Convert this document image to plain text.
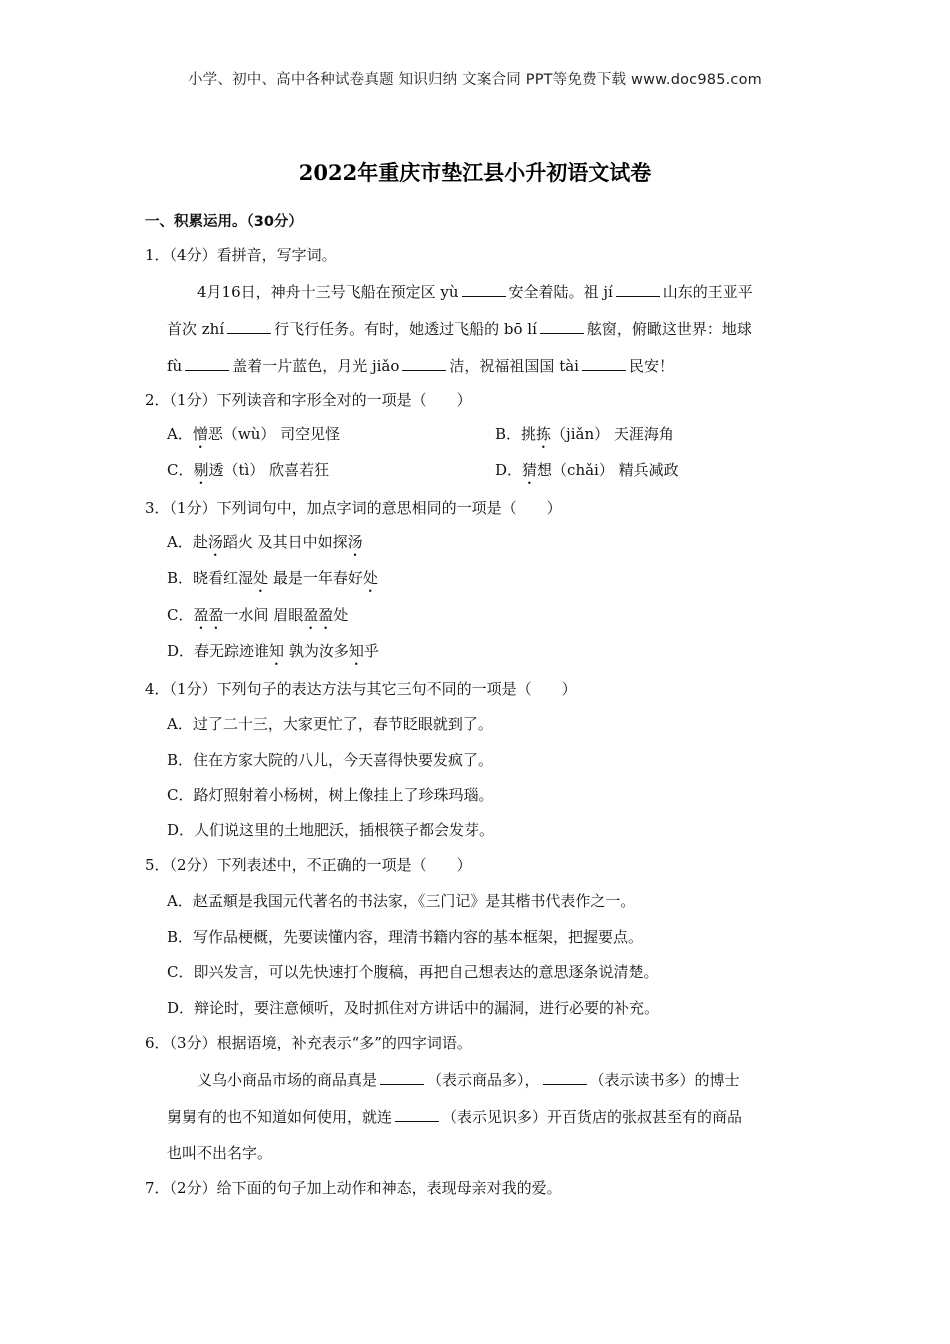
小学、初中、高中各种试卷真题 知识归纳 文案合同 PPT等免费下载 www.doc985.com
2022年重庆市垫江县小升初语文试卷
一、积累运用。（30分）
1．（4分）看拼音，写字词。
4月16日，神舟十三号飞船在预定区 yù	安全着陆。祖 jí	山东的王亚平
首次 zhí	行飞行任务。有时，她透过飞船的 bō lí	舷窗，俯瞰这世界：地球
fù	盖着一片蓝色，月光 jiǎo	洁，祝福祖国国 tài	民安！
2．（1分）下列读音和字形全对的一项是（　　）
A．憎恶（wù） 司空见怪	B．挑拣（jiǎn） 天涯海角
C．剔透（tì） 欣喜若狂	D．猜想（chǎi） 精兵减政
3．（1分）下列词句中，加点字词的意思相同的一项是（　　）
A．赴汤蹈火 及其日中如探汤
B．晓看红湿处 最是一年春好处
C．盈盈一水间 眉眼盈盈处
D．春无踪迹谁知 孰为汝多知乎
4．（1分）下列句子的表达方法与其它三句不同的一项是（　　）
A．过了二十三，大家更忙了，春节眨眼就到了。
B．住在方家大院的八儿，今天喜得快要发疯了。
C．路灯照射着小杨树，树上像挂上了珍珠玛瑙。
D．人们说这里的土地肥沃，插根筷子都会发芽。
5．（2分）下列表述中，不正确的一项是（　　）
A．赵孟頫是我国元代著名的书法家，《三门记》是其楷书代表作之一。
B．写作品梗概，先要读懂内容，理清书籍内容的基本框架，把握要点。
C．即兴发言，可以先快速打个腹稿，再把自己想表达的意思逐条说清楚。
D．辩论时，要注意倾听，及时抓住对方讲话中的漏洞，进行必要的补充。
6．（3分）根据语境，补充表示“多”的四字词语。
义乌小商品市场的商品真是	（表示商品多），	（表示读书多）的博士
舅舅有的也不知道如何使用，就连	（表示见识多）开百货店的张叔甚至有的商品
也叫不出名字。
7．（2分）给下面的句子加上动作和神态，表现母亲对我的爱。
